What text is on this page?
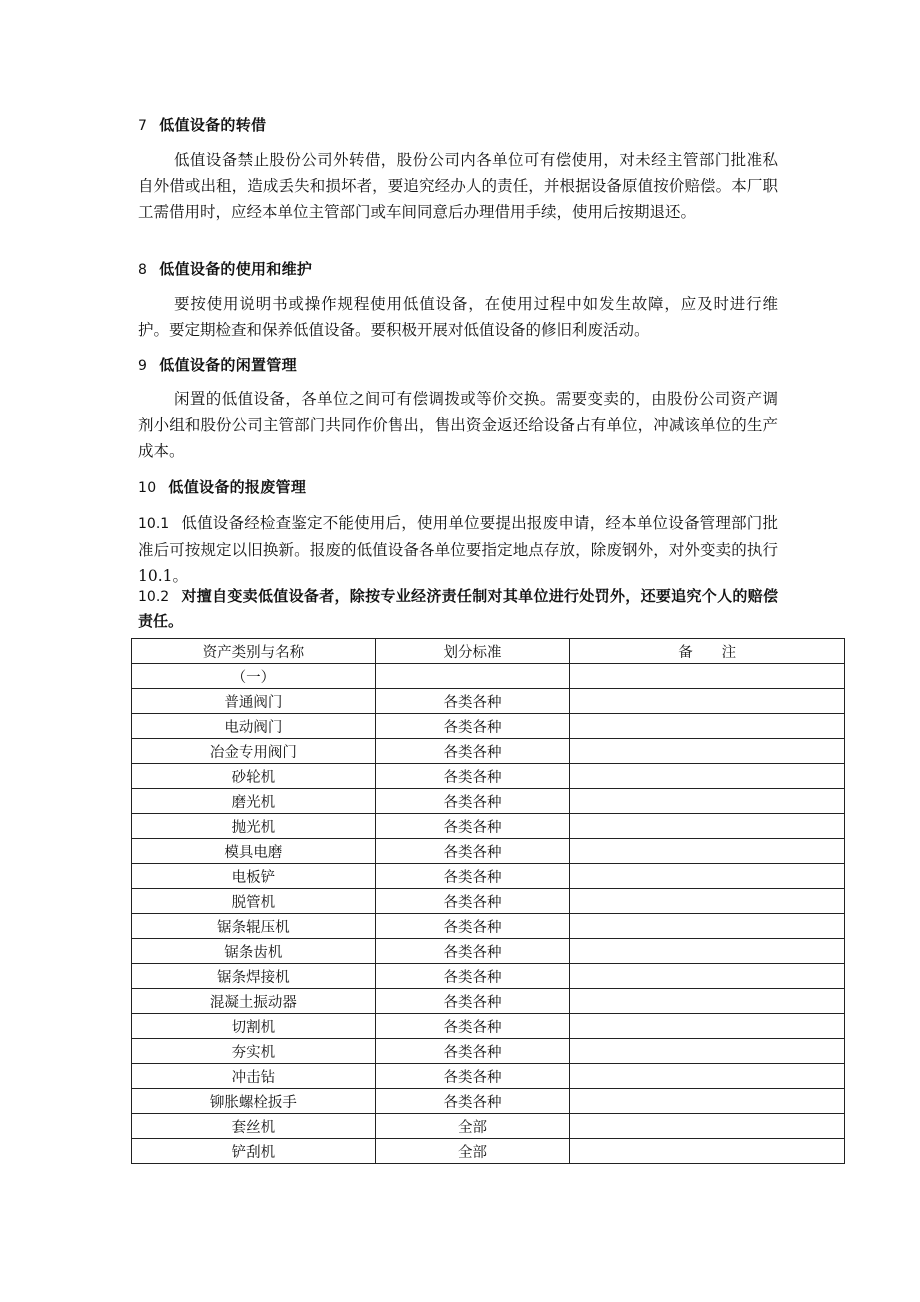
7 低值设备的转借
低值设备禁止股份公司外转借，股份公司内各单位可有偿使用，对未经主管部门批准私自外借或出租，造成丢失和损坏者，要追究经办人的责任，并根据设备原值按价赔偿。本厂职工需借用时，应经本单位主管部门或车间同意后办理借用手续，使用后按期退还。
8 低值设备的使用和维护
要按使用说明书或操作规程使用低值设备，在使用过程中如发生故障，应及时进行维护。要定期检查和保养低值设备。要积极开展对低值设备的修旧利废活动。
9 低值设备的闲置管理
闲置的低值设备，各单位之间可有偿调拨或等价交换。需要变卖的，由股份公司资产调剂小组和股份公司主管部门共同作价售出，售出资金返还给设备占有单位，冲减该单位的生产成本。
10 低值设备的报废管理
10.1 低值设备经检查鉴定不能使用后，使用单位要提出报废申请，经本单位设备管理部门批准后可按规定以旧换新。报废的低值设备各单位要指定地点存放，除废钢外，对外变卖的执行 10.1。
10.2 对擅自变卖低值设备者，除按专业经济责任制对其单位进行处罚外，还要追究个人的赔偿责任。
资产类别与名称	划分标准	备　　注
（一）		
普通阀门	各类各种	
电动阀门	各类各种	
冶金专用阀门	各类各种	
砂轮机	各类各种	
磨光机	各类各种	
抛光机	各类各种	
模具电磨	各类各种	
电板铲	各类各种	
脱管机	各类各种	
锯条辊压机	各类各种	
锯条齿机	各类各种	
锯条焊接机	各类各种	
混凝土振动器	各类各种	
切割机	各类各种	
夯实机	各类各种	
冲击钻	各类各种	
铆胀螺栓扳手	各类各种	
套丝机	全部	
铲刮机	全部	
